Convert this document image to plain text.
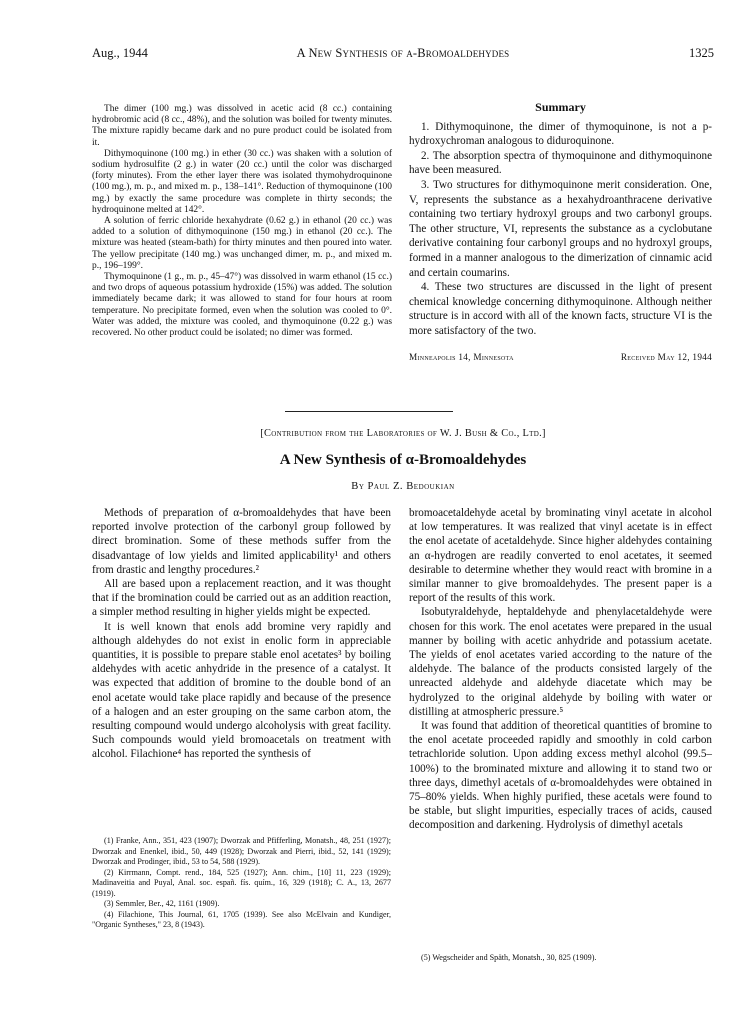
Aug., 1944	A New Synthesis of α-Bromoaldehydes	1325

The dimer (100 mg.) was dissolved in acetic acid (8 cc.) containing hydrobromic acid (8 cc., 48%), and the solution was boiled for twenty minutes. The mixture rapidly became dark and no pure product could be isolated from it.

Dithymoquinone (100 mg.) in ether (30 cc.) was shaken with a solution of sodium hydrosulfite (2 g.) in water (20 cc.) until the color was discharged (forty minutes). From the ether layer there was isolated thymohydroquinone (100 mg.), m. p., and mixed m. p., 138–141°. Reduction of thymoquinone (100 mg.) by exactly the same procedure was complete in thirty seconds; the hydroquinone melted at 142°.

A solution of ferric chloride hexahydrate (0.62 g.) in ethanol (20 cc.) was added to a solution of dithymoquinone (150 mg.) in ethanol (20 cc.). The mixture was heated (steam-bath) for thirty minutes and then poured into water. The yellow precipitate (140 mg.) was unchanged dimer, m. p., and mixed m. p., 196–199°.

Thymoquinone (1 g., m. p., 45–47°) was dissolved in warm ethanol (15 cc.) and two drops of aqueous potassium hydroxide (15%) was added. The solution immediately became dark; it was allowed to stand for four hours at room temperature. No precipitate formed, even when the solution was cooled to 0°. Water was added, the mixture was cooled, and thymoquinone (0.22 g.) was recovered. No other product could be isolated; no dimer was formed.

Summary

1. Dithymoquinone, the dimer of thymoquinone, is not a p-hydroxychroman analogous to diduroquinone.

2. The absorption spectra of thymoquinone and dithymoquinone have been measured.

3. Two structures for dithymoquinone merit consideration. One, V, represents the substance as a hexahydroanthracene derivative containing two tertiary hydroxyl groups and two carbonyl groups. The other structure, VI, represents the substance as a cyclobutane derivative containing four carbonyl groups and no hydroxyl groups, formed in a manner analogous to the dimerization of cinnamic acid and certain coumarins.

4. These two structures are discussed in the light of present chemical knowledge concerning dithymoquinone. Although neither structure is in accord with all of the known facts, structure VI is the more satisfactory of the two.

Minneapolis 14, Minnesota	Received May 12, 1944
[Contribution from the Laboratories of W. J. Bush & Co., Ltd.]
A New Synthesis of α-Bromoaldehydes
By Paul Z. Bedoukian

Methods of preparation of α-bromoaldehydes that have been reported involve protection of the carbonyl group followed by direct bromination. Some of these methods suffer from the disadvantage of low yields and limited applicability¹ and others from drastic and lengthy procedures.²

All are based upon a replacement reaction, and it was thought that if the bromination could be carried out as an addition reaction, a simpler method resulting in higher yields might be expected.

It is well known that enols add bromine very rapidly and although aldehydes do not exist in enolic form in appreciable quantities, it is possible to prepare stable enol acetates³ by boiling aldehydes with acetic anhydride in the presence of a catalyst. It was expected that addition of bromine to the double bond of an enol acetate would take place rapidly and because of the presence of a halogen and an ester grouping on the same carbon atom, the resulting compound would undergo alcoholysis with great facility. Such compounds would yield bromoacetals on treatment with alcohol. Filachione⁴ has reported the synthesis of

bromoacetaldehyde acetal by brominating vinyl acetate in alcohol at low temperatures. It was realized that vinyl acetate is in effect the enol acetate of acetaldehyde. Since higher aldehydes containing an α-hydrogen are readily converted to enol acetates, it seemed desirable to determine whether they would react with bromine in a similar manner to give bromoaldehydes. The present paper is a report of the results of this work.

Isobutyraldehyde, heptaldehyde and phenylacetaldehyde were chosen for this work. The enol acetates were prepared in the usual manner by boiling with acetic anhydride and potassium acetate. The yields of enol acetates varied according to the nature of the aldehyde. The balance of the products consisted largely of the unreacted aldehyde and aldehyde diacetate which may be hydrolyzed to the original aldehyde by boiling with water or distilling at atmospheric pressure.⁵

It was found that addition of theoretical quantities of bromine to the enol acetate proceeded rapidly and smoothly in cold carbon tetrachloride solution. Upon adding excess methyl alcohol (99.5–100%) to the brominated mixture and allowing it to stand two or three days, dimethyl acetals of α-bromoaldehydes were obtained in 75–80% yields. When highly purified, these acetals were found to be stable, but slight impurities, especially traces of acids, caused decomposition and darkening. Hydrolysis of dimethyl acetals

(1) Franke, Ann., 351, 423 (1907); Dworzak and Pfifferling, Monatsh., 48, 251 (1927); Dworzak and Enenkel, ibid., 50, 449 (1928); Dworzak and Pierri, ibid., 52, 141 (1929); Dworzak and Prodinger, ibid., 53 to 54, 588 (1929).

(2) Kirrmann, Compt. rend., 184, 525 (1927); Ann. chim., [10] 11, 223 (1929); Madinaveitia and Puyal, Anal. soc. españ. fís. quím., 16, 329 (1918); C. A., 13, 2677 (1919).

(3) Semmler, Ber., 42, 1161 (1909).

(4) Filachione, This Journal, 61, 1705 (1939). See also McElvain and Kundiger, "Organic Syntheses," 23, 8 (1943).

(5) Wegscheider and Späth, Monatsh., 30, 825 (1909).
